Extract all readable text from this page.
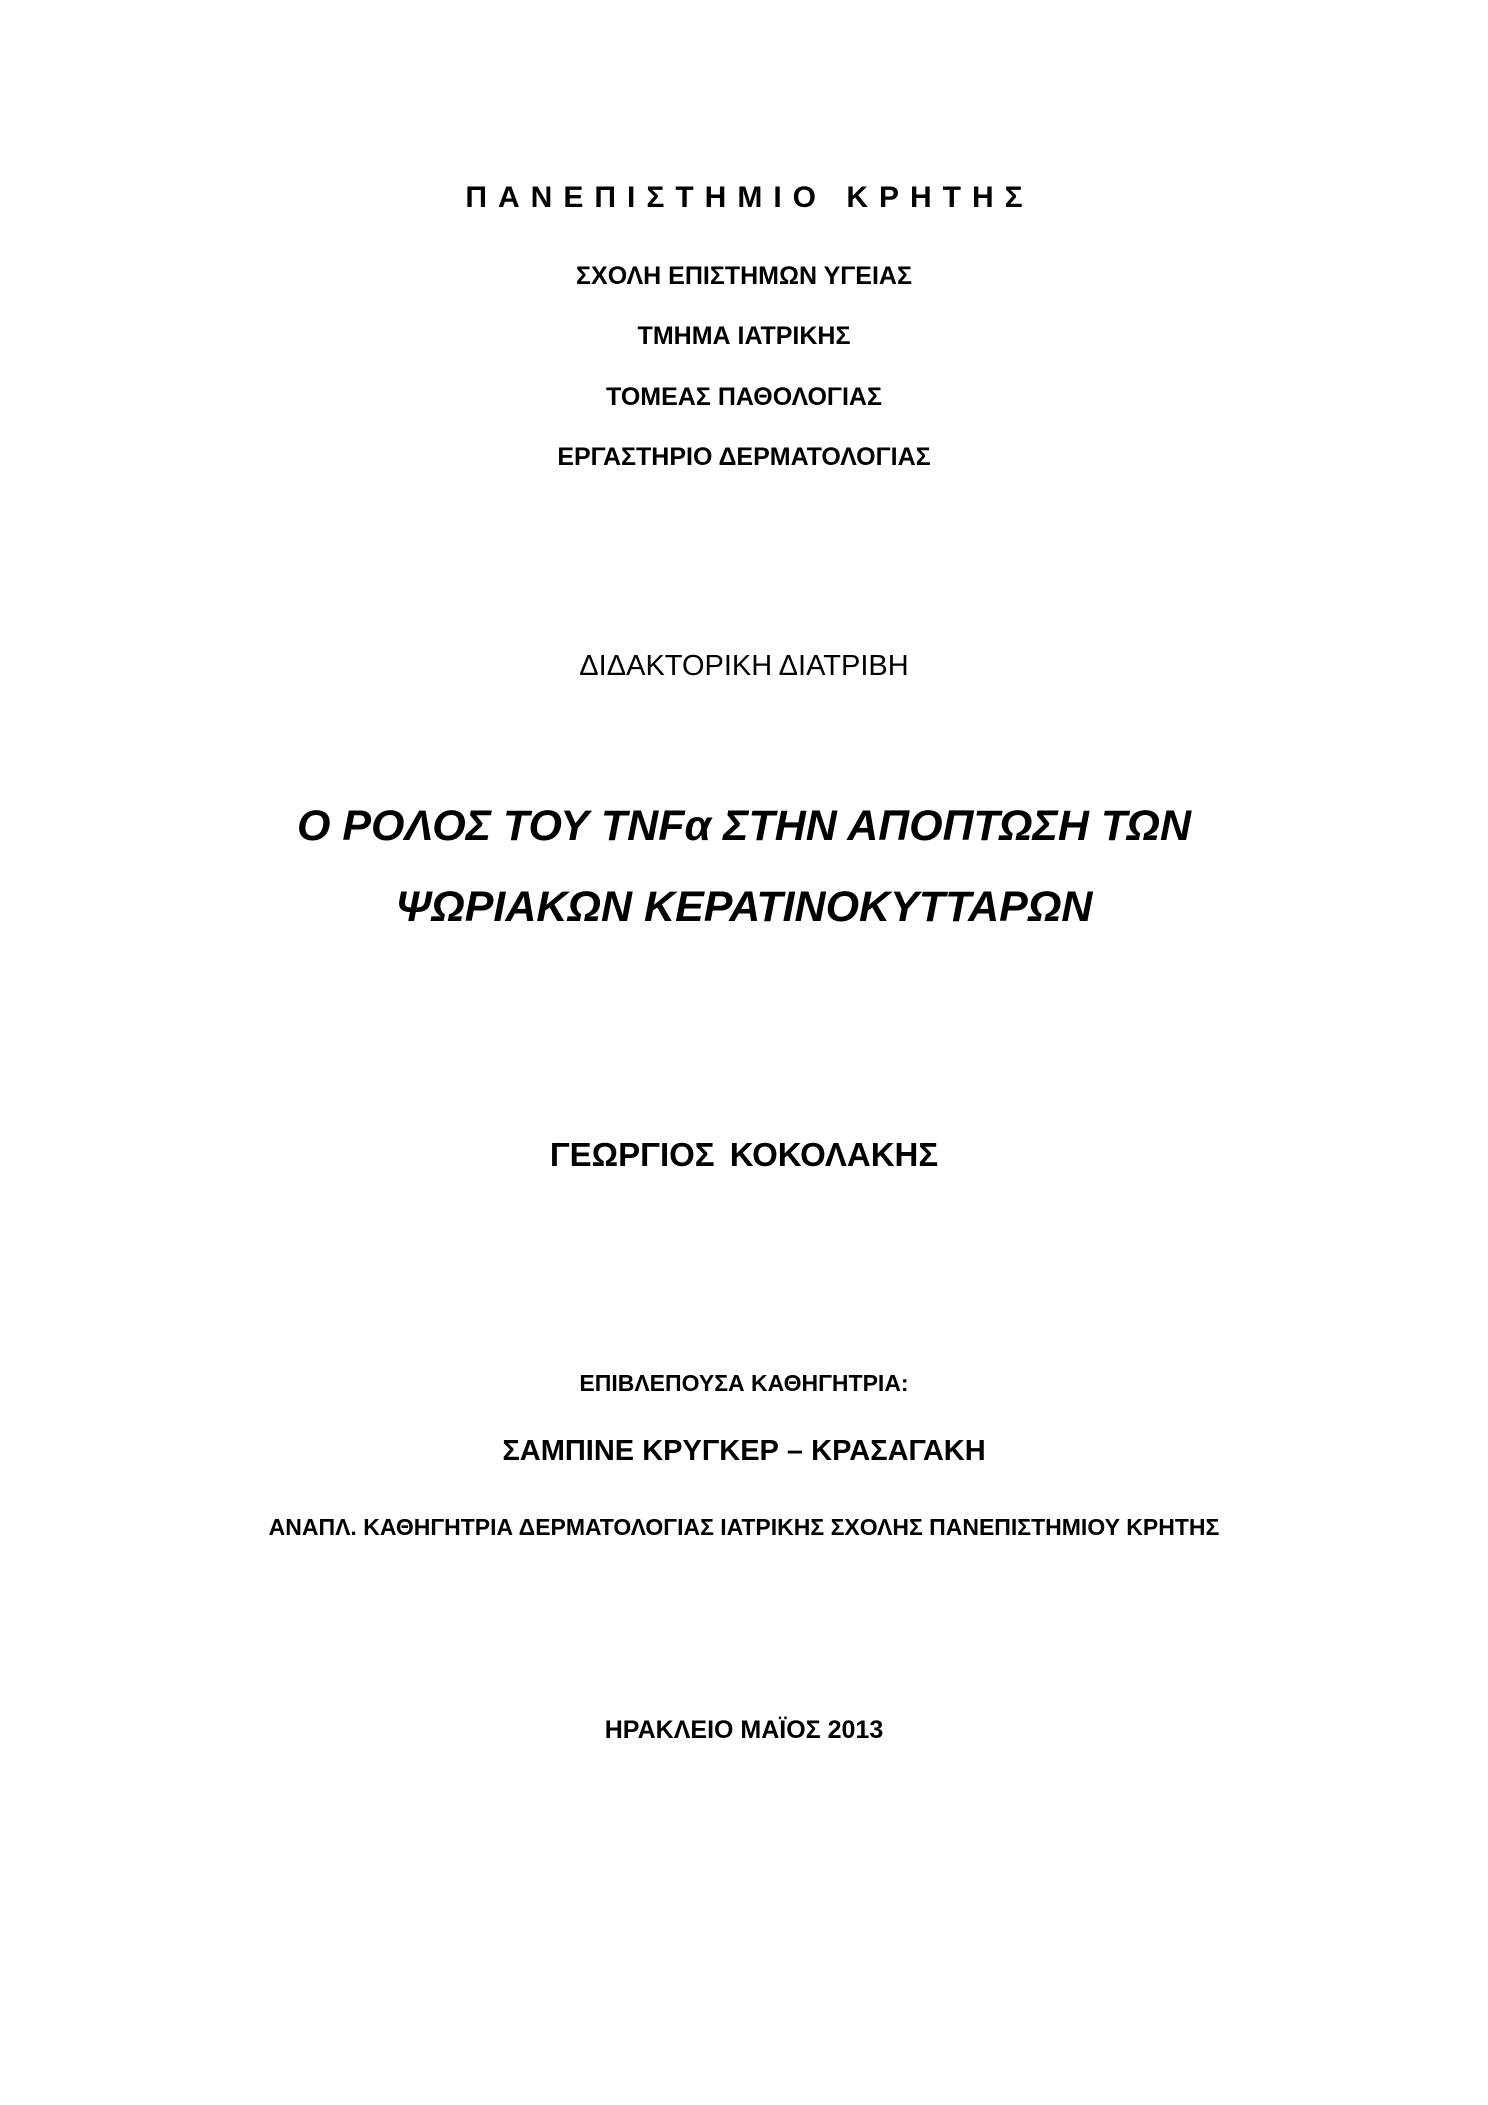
ΠΑΝΕΠΙΣΤΗΜΙΟ ΚΡΗΤΗΣ
ΣΧΟΛΗ ΕΠΙΣΤΗΜΩΝ ΥΓΕΙΑΣ
ΤΜΗΜΑ ΙΑΤΡΙΚΗΣ
ΤΟΜΕΑΣ ΠΑΘΟΛΟΓΙΑΣ
ΕΡΓΑΣΤΗΡΙΟ ΔΕΡΜΑΤΟΛΟΓΙΑΣ
ΔΙΔΑΚΤΟΡΙΚΗ ΔΙΑΤΡΙΒΗ
Ο ΡΟΛΟΣ ΤΟΥ TNFα ΣΤΗΝ ΑΠΟΠΤΩΣΗ ΤΩΝ
ΨΩΡΙΑΚΩΝ ΚΕΡΑΤΙΝΟΚΥΤΤΑΡΩΝ
ΓΕΩΡΓΙΟΣ ΚΟΚΟΛΑΚΗΣ
ΕΠΙΒΛΕΠΟΥΣΑ ΚΑΘΗΓΗΤΡΙΑ:
ΣΑΜΠΙΝΕ ΚΡΥΓΚΕΡ – ΚΡΑΣΑΓΑΚΗ
ΑΝΑΠΛ. ΚΑΘΗΓΗΤΡΙΑ ΔΕΡΜΑΤΟΛΟΓΙΑΣ ΙΑΤΡΙΚΗΣ ΣΧΟΛΗΣ ΠΑΝΕΠΙΣΤΗΜΙΟΥ ΚΡΗΤΗΣ
ΗΡΑΚΛΕΙΟ ΜΑΪΟΣ 2013
